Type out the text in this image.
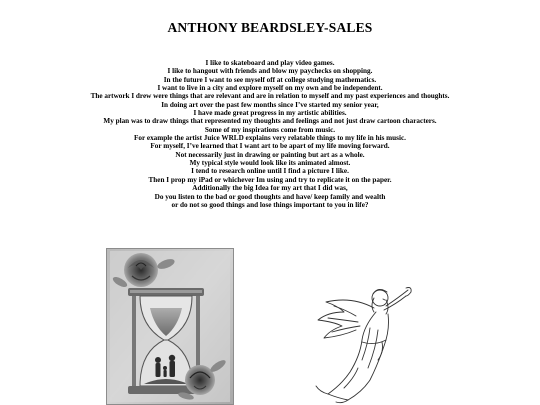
ANTHONY BEARDSLEY-SALES
I like to skateboard and play video games.
I like to hangout with friends and blow my paychecks on shopping.
In the future I want to see myself off at college studying mathematics.
I want to live in a city and explore myself on my own and be independent.
The artwork I drew were things that are relevant and are in relation to myself and my past experiences and thoughts.
In doing art over the past few months since I’ve started my senior year,
I have made great progress in my artistic abilities.
My plan was to draw things that represented my thoughts and feelings and not just draw cartoon characters.
Some of my inspirations come from music.
For example the artist Juice WRLD explains very relatable things to my life in his music.
For myself, I’ve learned that I want art to be apart of my life moving forward.
Not necessarily just in drawing or painting but art as a whole.
My typical style would look like its animated almost.
I tend to research online until I find a picture I like.
Then I prop my iPad or whichever Im using and try to replicate it on the paper.
Additionally the big Idea for my art that I did was,
Do you listen to the bad or good thoughts and have/ keep family and wealth
or do not so good things and lose things important to you in life?
